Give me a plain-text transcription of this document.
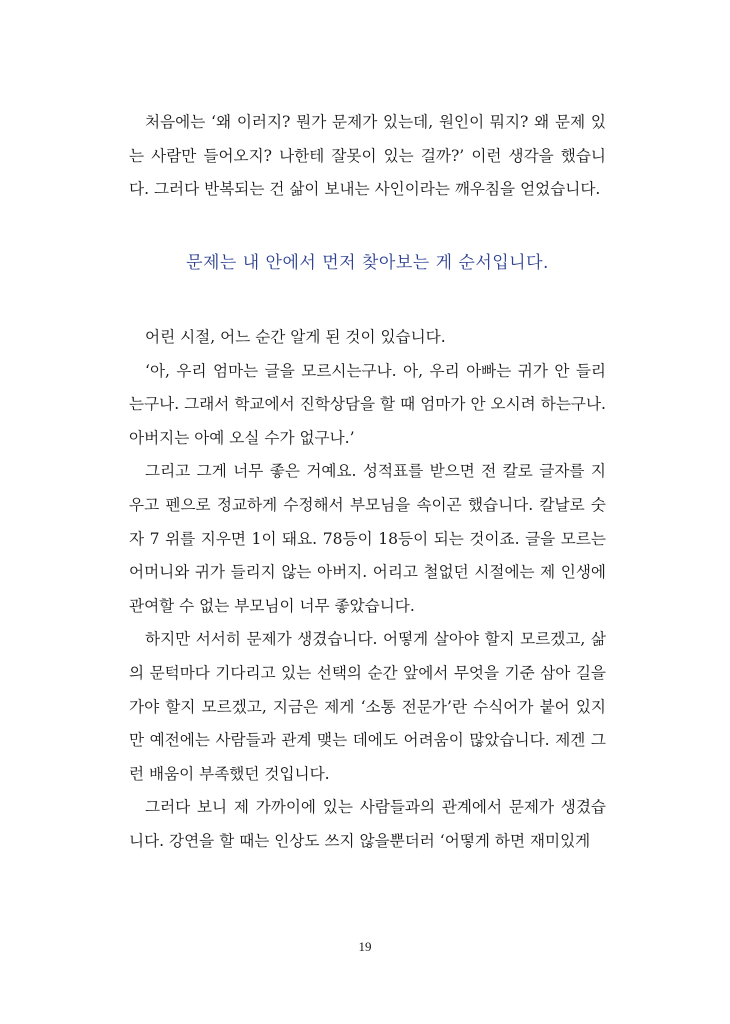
처음에는 ‘왜 이러지? 뭔가 문제가 있는데, 원인이 뭐지? 왜 문제 있는 사람만 들어오지? 나한테 잘못이 있는 걸까?’ 이런 생각을 했습니다. 그러다 반복되는 건 삶이 보내는 사인이라는 깨우침을 얻었습니다.

문제는 내 안에서 먼저 찾아보는 게 순서입니다.

어린 시절, 어느 순간 알게 된 것이 있습니다.

‘아, 우리 엄마는 글을 모르시는구나. 아, 우리 아빠는 귀가 안 들리는구나. 그래서 학교에서 진학상담을 할 때 엄마가 안 오시려 하는구나. 아버지는 아예 오실 수가 없구나.’

그리고 그게 너무 좋은 거예요. 성적표를 받으면 전 칼로 글자를 지우고 펜으로 정교하게 수정해서 부모님을 속이곤 했습니다. 칼날로 숫자 7 위를 지우면 1이 돼요. 78등이 18등이 되는 것이죠. 글을 모르는 어머니와 귀가 들리지 않는 아버지. 어리고 철없던 시절에는 제 인생에 관여할 수 없는 부모님이 너무 좋았습니다.

하지만 서서히 문제가 생겼습니다. 어떻게 살아야 할지 모르겠고, 삶의 문턱마다 기다리고 있는 선택의 순간 앞에서 무엇을 기준 삼아 길을 가야 할지 모르겠고, 지금은 제게 ‘소통 전문가’란 수식어가 붙어 있지만 예전에는 사람들과 관계 맺는 데에도 어려움이 많았습니다. 제겐 그런 배움이 부족했던 것입니다.

그러다 보니 제 가까이에 있는 사람들과의 관계에서 문제가 생겼습니다. 강연을 할 때는 인상도 쓰지 않을뿐더러 ‘어떻게 하면 재미있게

19
